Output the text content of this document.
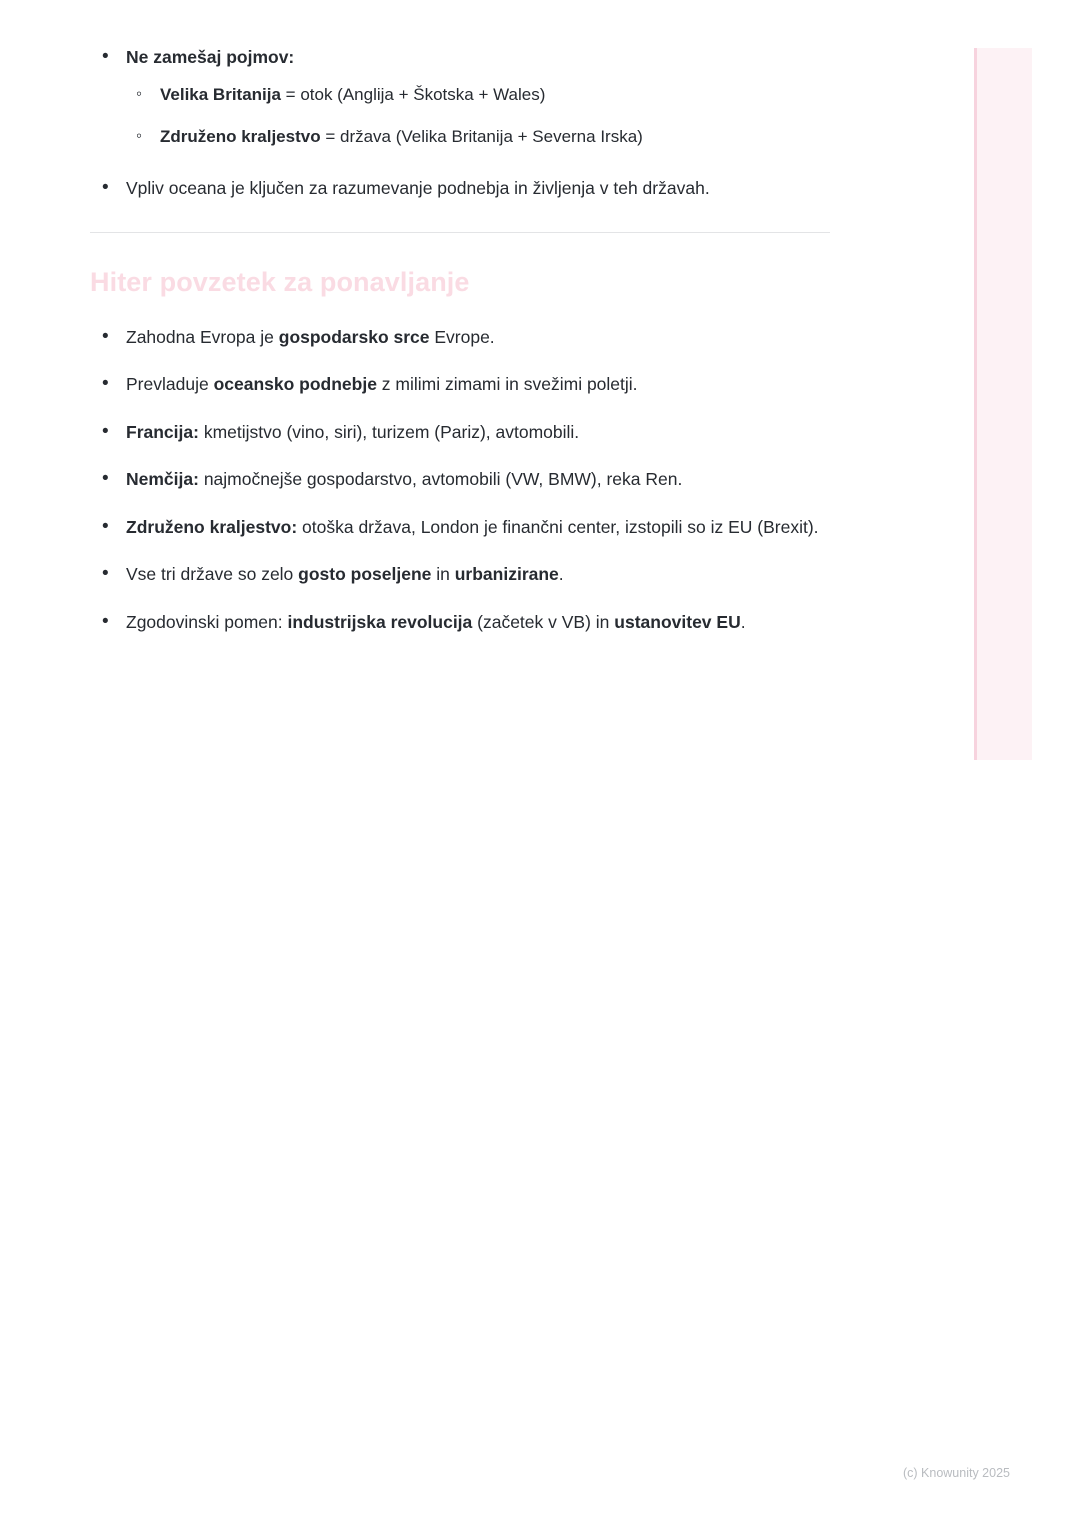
• Ne zamešaj pojmov:
◦ Velika Britanija = otok (Anglija + Škotska + Wales)
◦ Združeno kraljestvo = država (Velika Britanija + Severna Irska)
• Vpliv oceana je ključen za razumevanje podnebja in življenja v teh državah.
Hiter povzetek za ponavljanje
• Zahodna Evropa je gospodarsko srce Evrope.
• Prevladuje oceansko podnebje z milimi zimami in svežimi poletji.
• Francija: kmetijstvo (vino, siri), turizem (Pariz), avtomobili.
• Nemčija: najmočnejše gospodarstvo, avtomobili (VW, BMW), reka Ren.
• Združeno kraljestvo: otoška država, London je finančni center, izstopili so iz EU (Brexit).
• Vse tri države so zelo gosto poseljene in urbanizirane.
• Zgodovinski pomen: industrijska revolucija (začetek v VB) in ustanovitev EU.
(c) Knowunity 2025
